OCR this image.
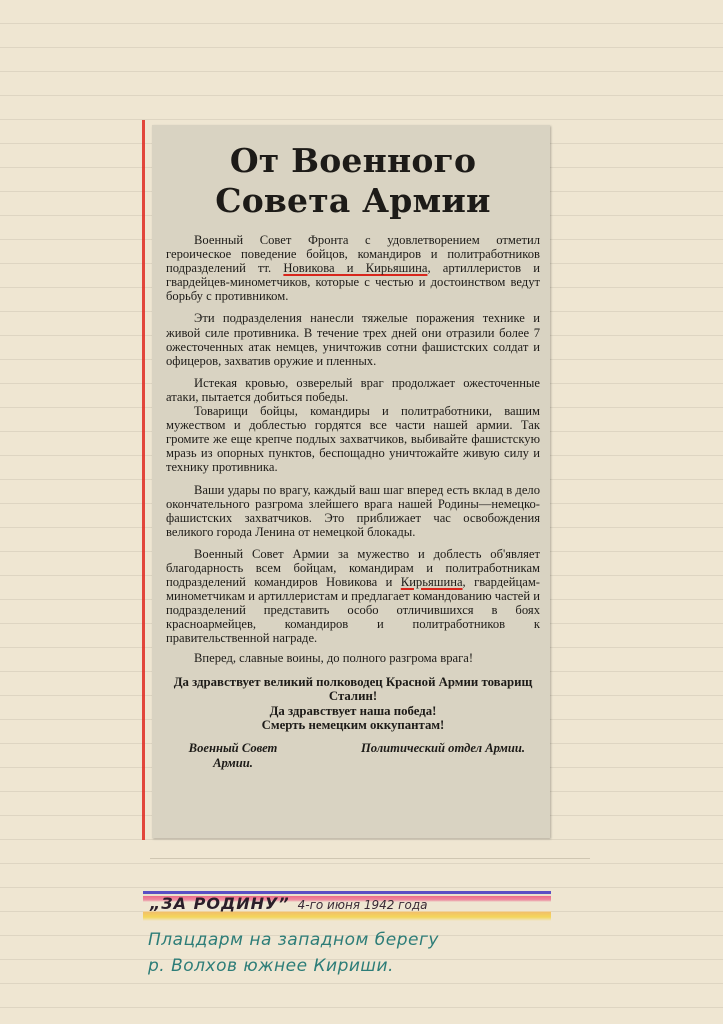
От Военного Совета Армии

Военный Совет Фронта с удовлетворением отметил героическое поведение бойцов, командиров и политработников подразделений тт. Новикова и Кирьяшина, артиллеристов и гвардейцев-минометчиков, которые с честью и достоинством ведут борьбу с противником.

Эти подразделения нанесли тяжелые поражения технике и живой силе противника. В течение трех дней они отразили более 7 ожесточенных атак немцев, уничтожив сотни фашистских солдат и офицеров, захватив оружие и пленных.

Истекая кровью, озверелый враг продолжает ожесточенные атаки, пытается добиться победы.

Товарищи бойцы, командиры и политработники, вашим мужеством и доблестью гордятся все части нашей армии. Так громите же еще крепче подлых захватчиков, выбивайте фашистскую мразь из опорных пунктов, беспощадно уничтожайте живую силу и технику противника.

Ваши удары по врагу, каждый ваш шаг вперед есть вклад в дело окончательного разгрома злейшего врага нашей Родины—немецко-фашистских захватчиков. Это приближает час освобождения великого города Ленина от немецкой блокады.

Военный Совет Армии за мужество и доблесть об'являет благодарность всем бойцам, командирам и политработникам подразделений командиров Новикова и Кирьяшина, гвардейцам-минометчикам и артиллеристам и предлагает командованию частей и подразделений представить особо отличившихся в боях красноармейцев, командиров и политработников к правительственной награде.

Вперед, славные воины, до полного разгрома врага!

Да здравствует великий полководец Красной Армии товарищ Сталин!

Да здравствует наша победа!

Смерть немецким оккупантам!

Военный Совет Армии.
Политический отдел Армии.
„ЗА РОДИНУ” 4-го июня 1942 года
Плацдарм на западном берегу
р. Волхов южнее Кириши.
